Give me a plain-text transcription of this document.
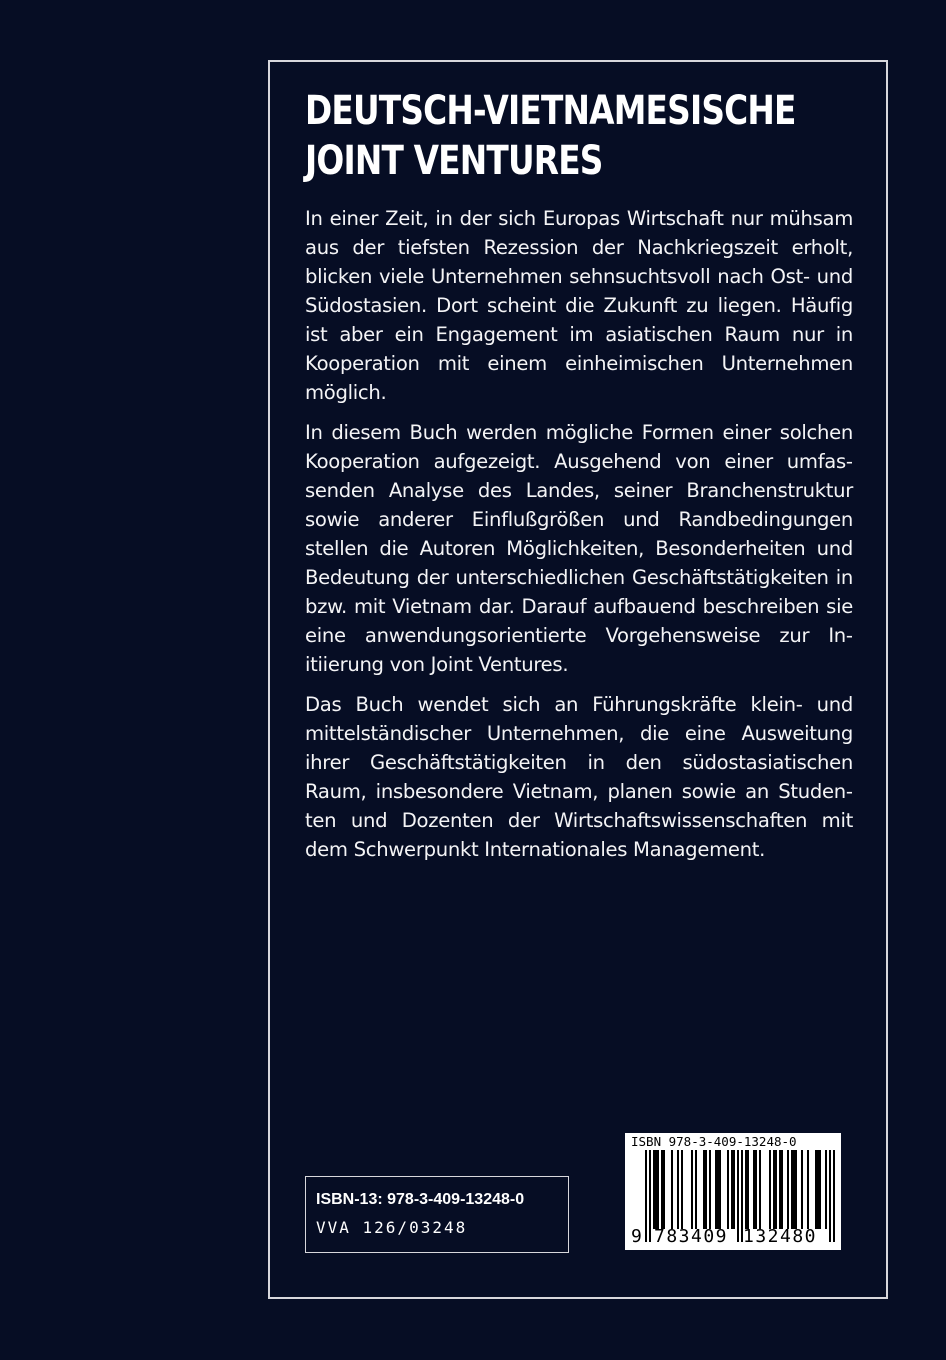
DEUTSCH-VIETNAMESISCHE
JOINT VENTURES

In einer Zeit, in der sich Europas Wirtschaft nur mühsam aus der tiefsten Rezession der Nachkriegszeit erholt, blicken viele Unternehmen sehnsuchtsvoll nach Ost- und Südostasien. Dort scheint die Zukunft zu liegen. Häufig ist aber ein Engagement im asiatischen Raum nur in Kooperation mit einem einheimischen Unternehmen möglich.

In diesem Buch werden mögliche Formen einer solchen Kooperation aufgezeigt. Ausgehend von einer umfassenden Analyse des Landes, seiner Branchenstruktur sowie anderer Einflußgrößen und Randbedingungen stellen die Autoren Möglichkeiten, Besonderheiten und Bedeutung der unterschiedlichen Geschäftstätigkeiten in bzw. mit Vietnam dar. Darauf aufbauend beschreiben sie eine anwendungsorientierte Vorgehensweise zur Initiierung von Joint Ventures.

Das Buch wendet sich an Führungskräfte klein- und mittelständischer Unternehmen, die eine Ausweitung ihrer Geschäftstätigkeiten in den südostasiatischen Raum, insbesondere Vietnam, planen sowie an Studenten und Dozenten der Wirtschaftswissenschaften mit dem Schwerpunkt Internationales Management.

ISBN-13: 978-3-409-13248-0
VVA 126/03248
ISBN 978-3-409-13248-0
9 783409 132480
